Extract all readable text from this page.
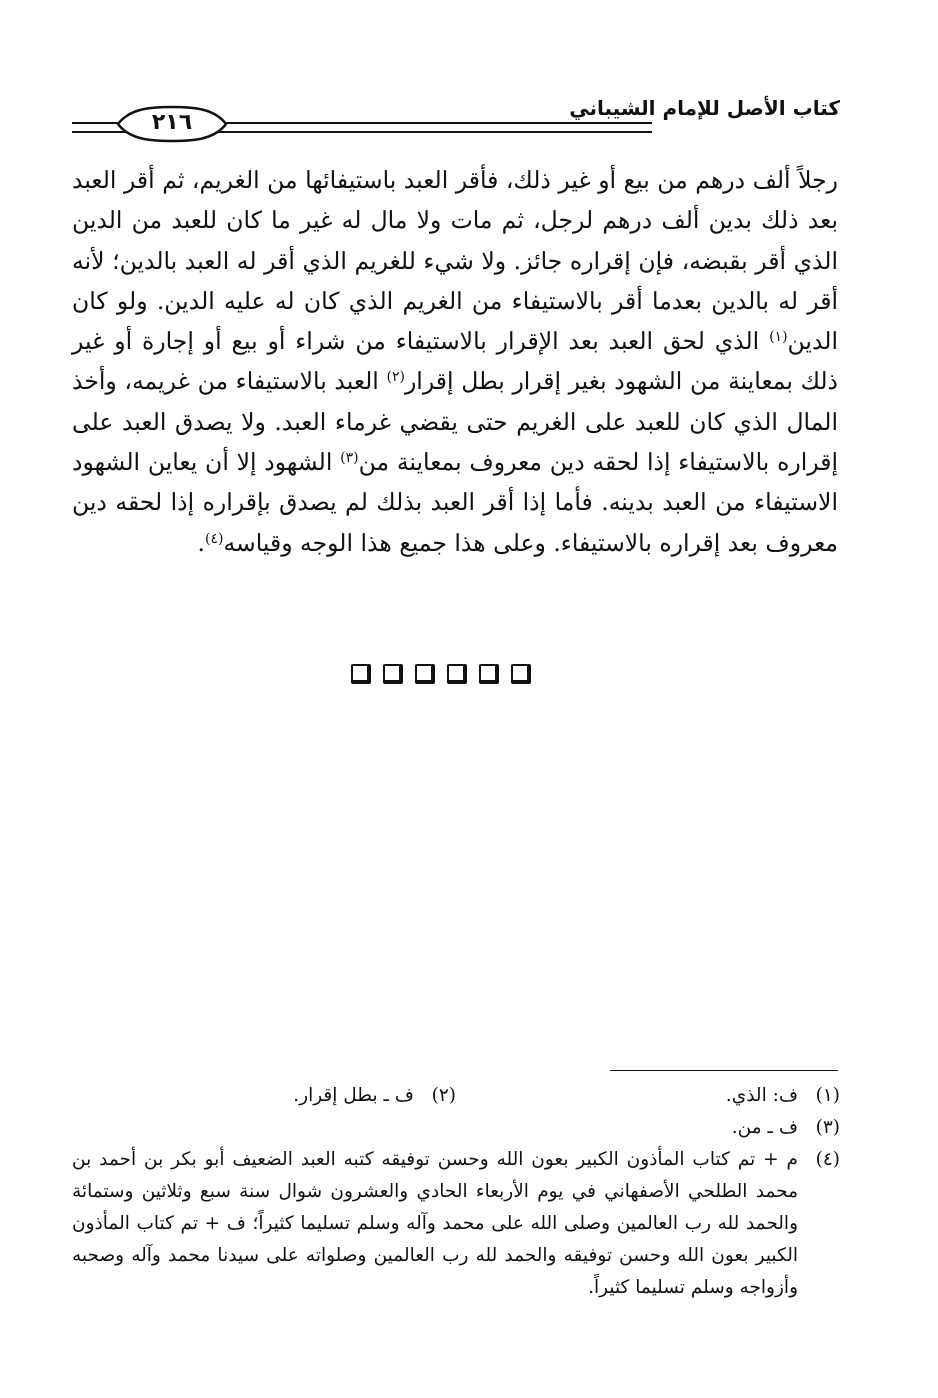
كتاب الأصل للإمام الشيباني
٢١٦

رجلاً ألف درهم من بيع أو غير ذلك، فأقر العبد باستيفائها من الغريم، ثم أقر العبد بعد ذلك بدين ألف درهم لرجل، ثم مات ولا مال له غير ما كان للعبد من الدين الذي أقر بقبضه، فإن إقراره جائز. ولا شيء للغريم الذي أقر له العبد بالدين؛ لأنه أقر له بالدين بعدما أقر بالاستيفاء من الغريم الذي كان له عليه الدين. ولو كان الدين$^{(١)}$ الذي لحق العبد بعد الإقرار بالاستيفاء من شراء أو بيع أو إجارة أو غير ذلك بمعاينة من الشهود بغير إقرار بطل إقرار$^{(٢)}$ العبد بالاستيفاء من غريمه، وأخذ المال الذي كان للعبد على الغريم حتى يقضي غرماء العبد. ولا يصدق العبد على إقراره بالاستيفاء إذا لحقه دين معروف بمعاينة من$^{(٣)}$ الشهود إلا أن يعاين الشهود الاستيفاء من العبد بدينه. فأما إذا أقر العبد بذلك لم يصدق بإقراره إذا لحقه دين معروف بعد إقراره بالاستيفاء. وعلى هذا جميع هذا الوجه وقياسه$^{(٤)}$.

(١)
ف: الذي.
(٢)
ف ـ بطل إقرار.
(٣)
ف ـ من.
(٤)
م + تم كتاب المأذون الكبير بعون الله وحسن توفيقه كتبه العبد الضعيف أبو بكر بن أحمد بن محمد الطلحي الأصفهاني في يوم الأربعاء الحادي والعشرون شوال سنة سبع وثلاثين وستمائة والحمد لله رب العالمين وصلى الله على محمد وآله وسلم تسليما كثيراً؛ ف + تم كتاب المأذون الكبير بعون الله وحسن توفيقه والحمد لله رب العالمين وصلواته على سيدنا محمد وآله وصحبه وأزواجه وسلم تسليما كثيراً.
